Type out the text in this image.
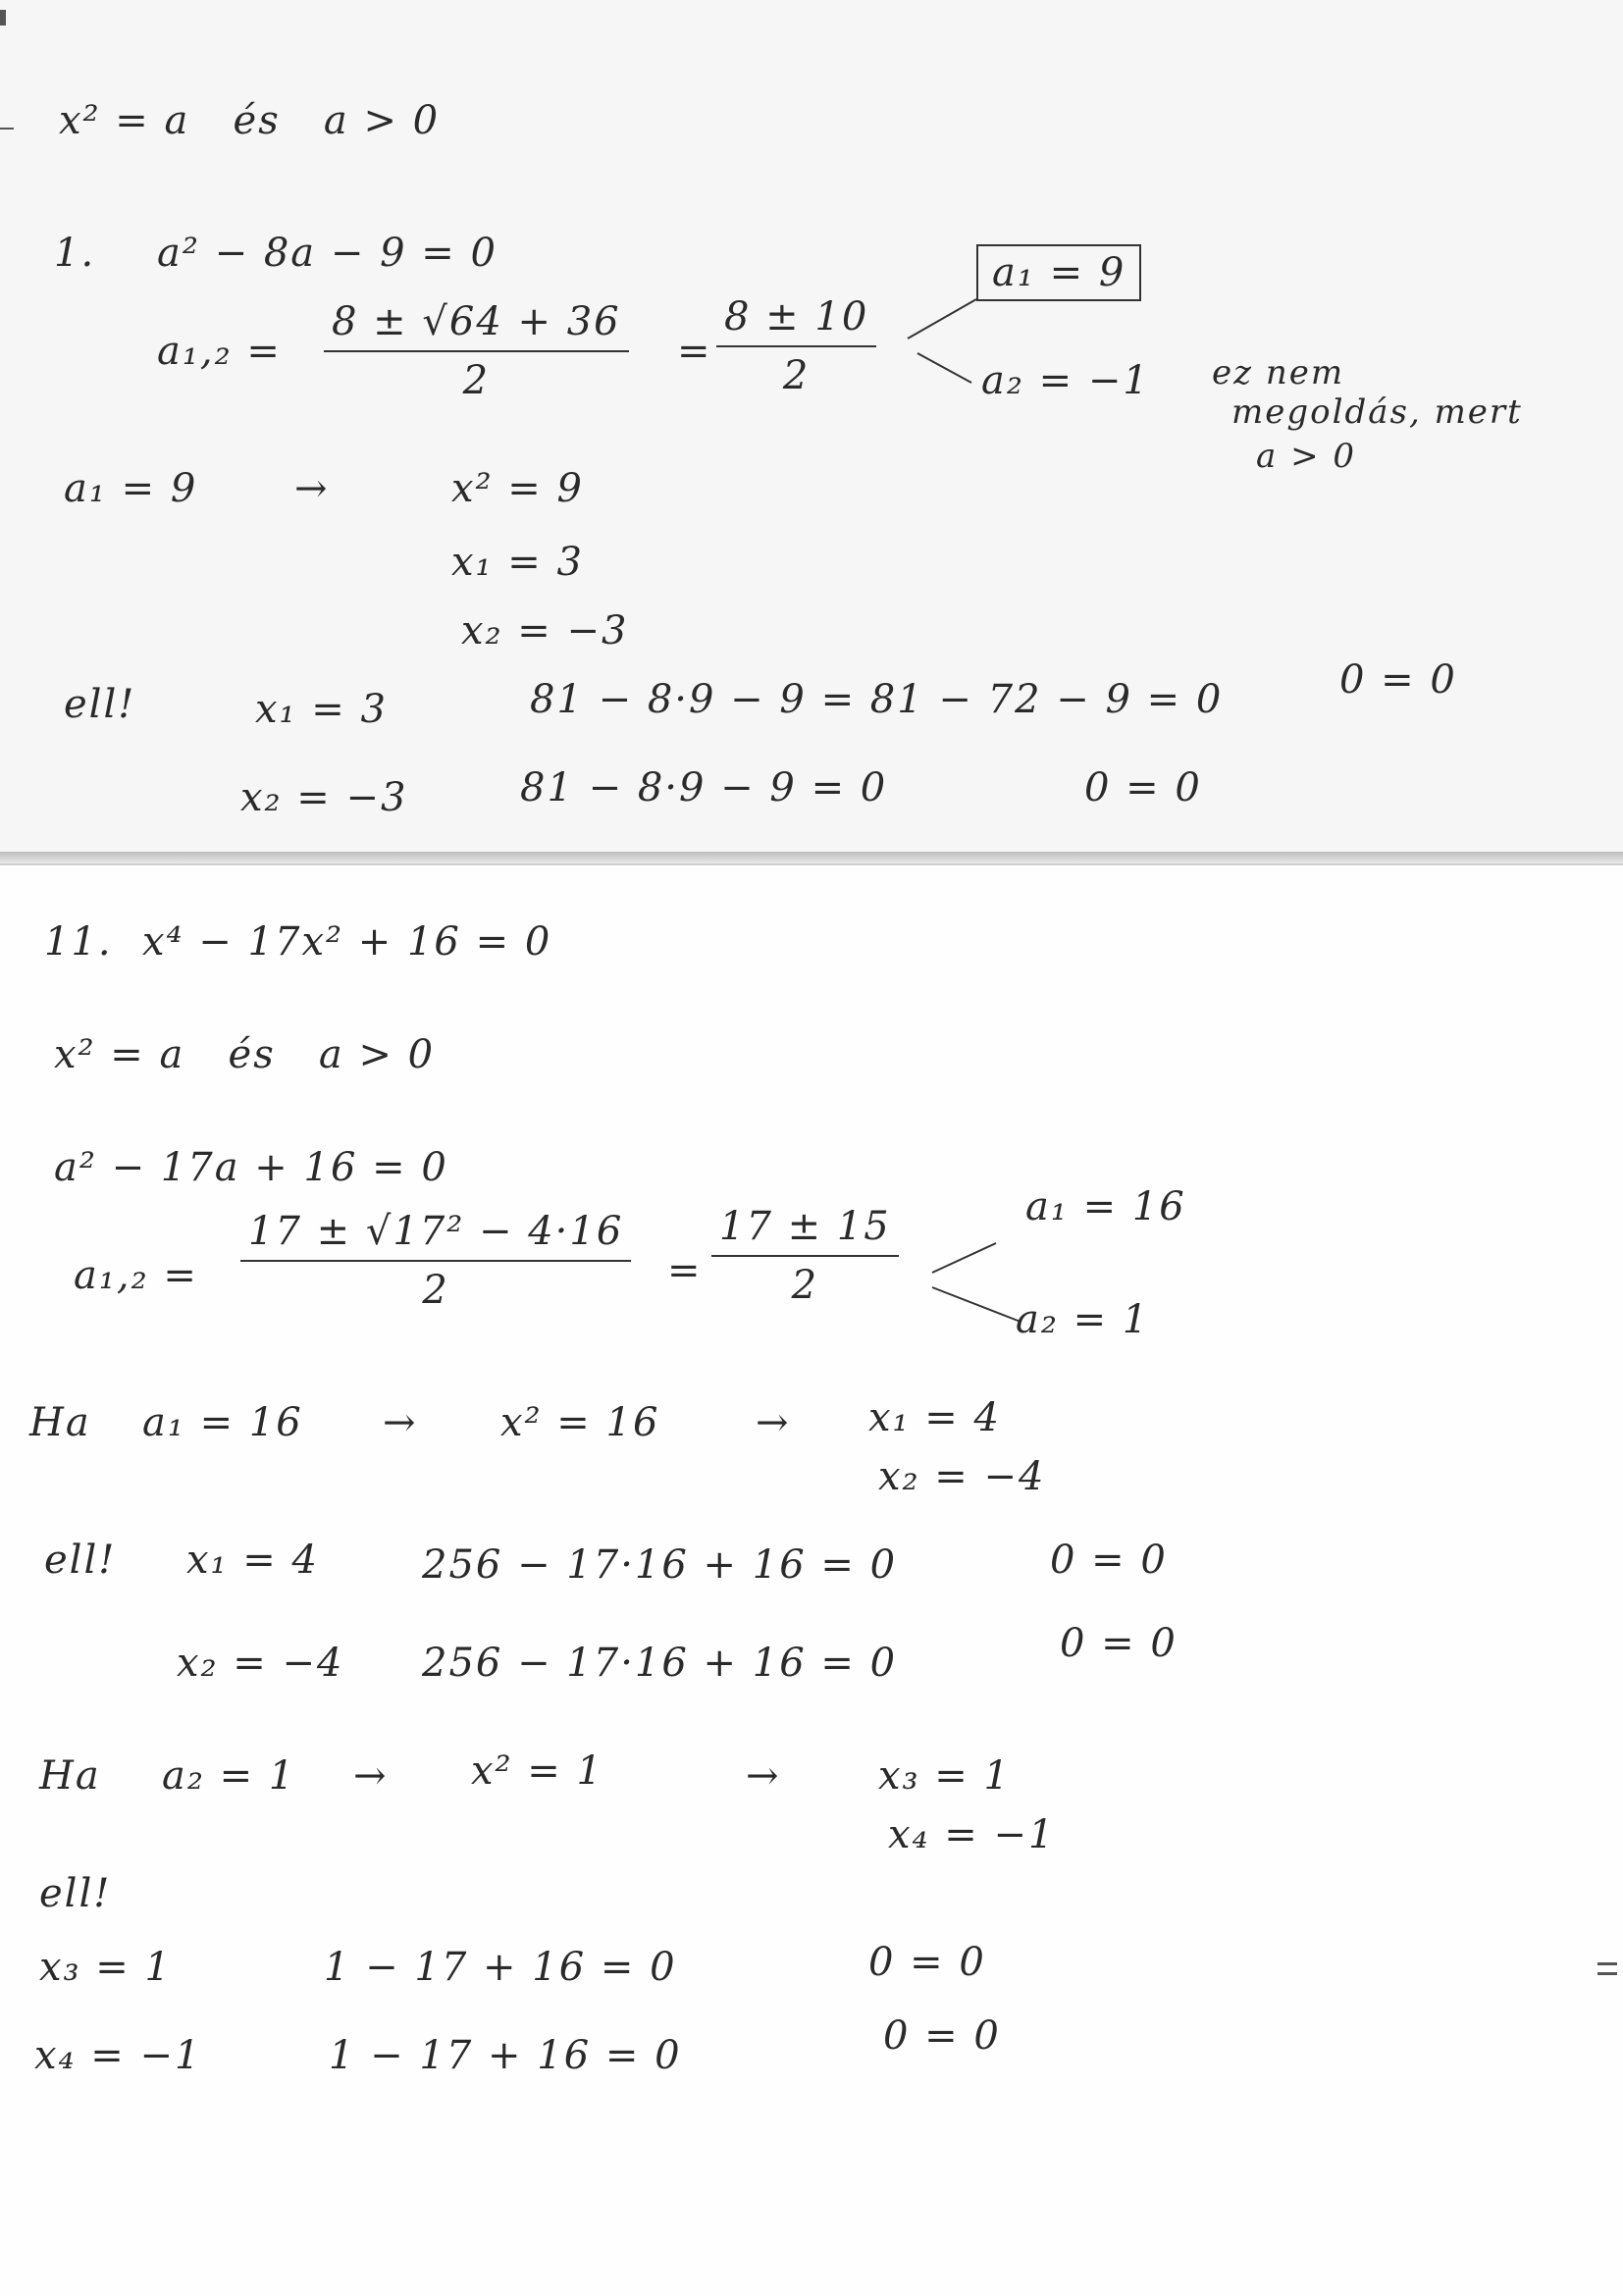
x² = a   és   a > 0
1. a² − 8a − 9 = 0
$a_1,_2 = \frac{8 \pm √64 + 36}{2} = \frac{8 \pm 10}{2}$
a₁ = 9
a₂ = −1 ez nem
megoldás, mert
a > 0
a₁ = 9 →	x² = 9
x₁ = 3
x₂ = −3
ell!	x₁ = 3	81 − 8·9 − 9 = 81 − 72 − 9 = 0	0 = 0
x₂ = −3	81 − 8·9 − 9 = 0	0 = 0
11. x⁴ − 17x² + 16 = 0
x² = a   és   a > 0
a² − 17a + 16 = 0
$a_1,_2 = \frac{\text{17 ± √17² − 4·16}}{2} = \frac{17 \pm 15}{2}$	a₁ = 16
a₂ = 1
Ha a₁ = 16 → x² = 16 → x₁ = 4
x₂ = −4
ell! x₁ = 4	256 − 17·16 + 16 = 0	0 = 0
x₂ = −4 256 − 17·16 + 16 = 0	0 = 0
Ha a₂ = 1 → x² = 1	→ x₃ = 1
x₄ = −1
ell!
x₃ = 1	1 − 17 + 16 = 0	0 = 0
x₄ = −1	1 − 17 + 16 = 0	0 = 0
